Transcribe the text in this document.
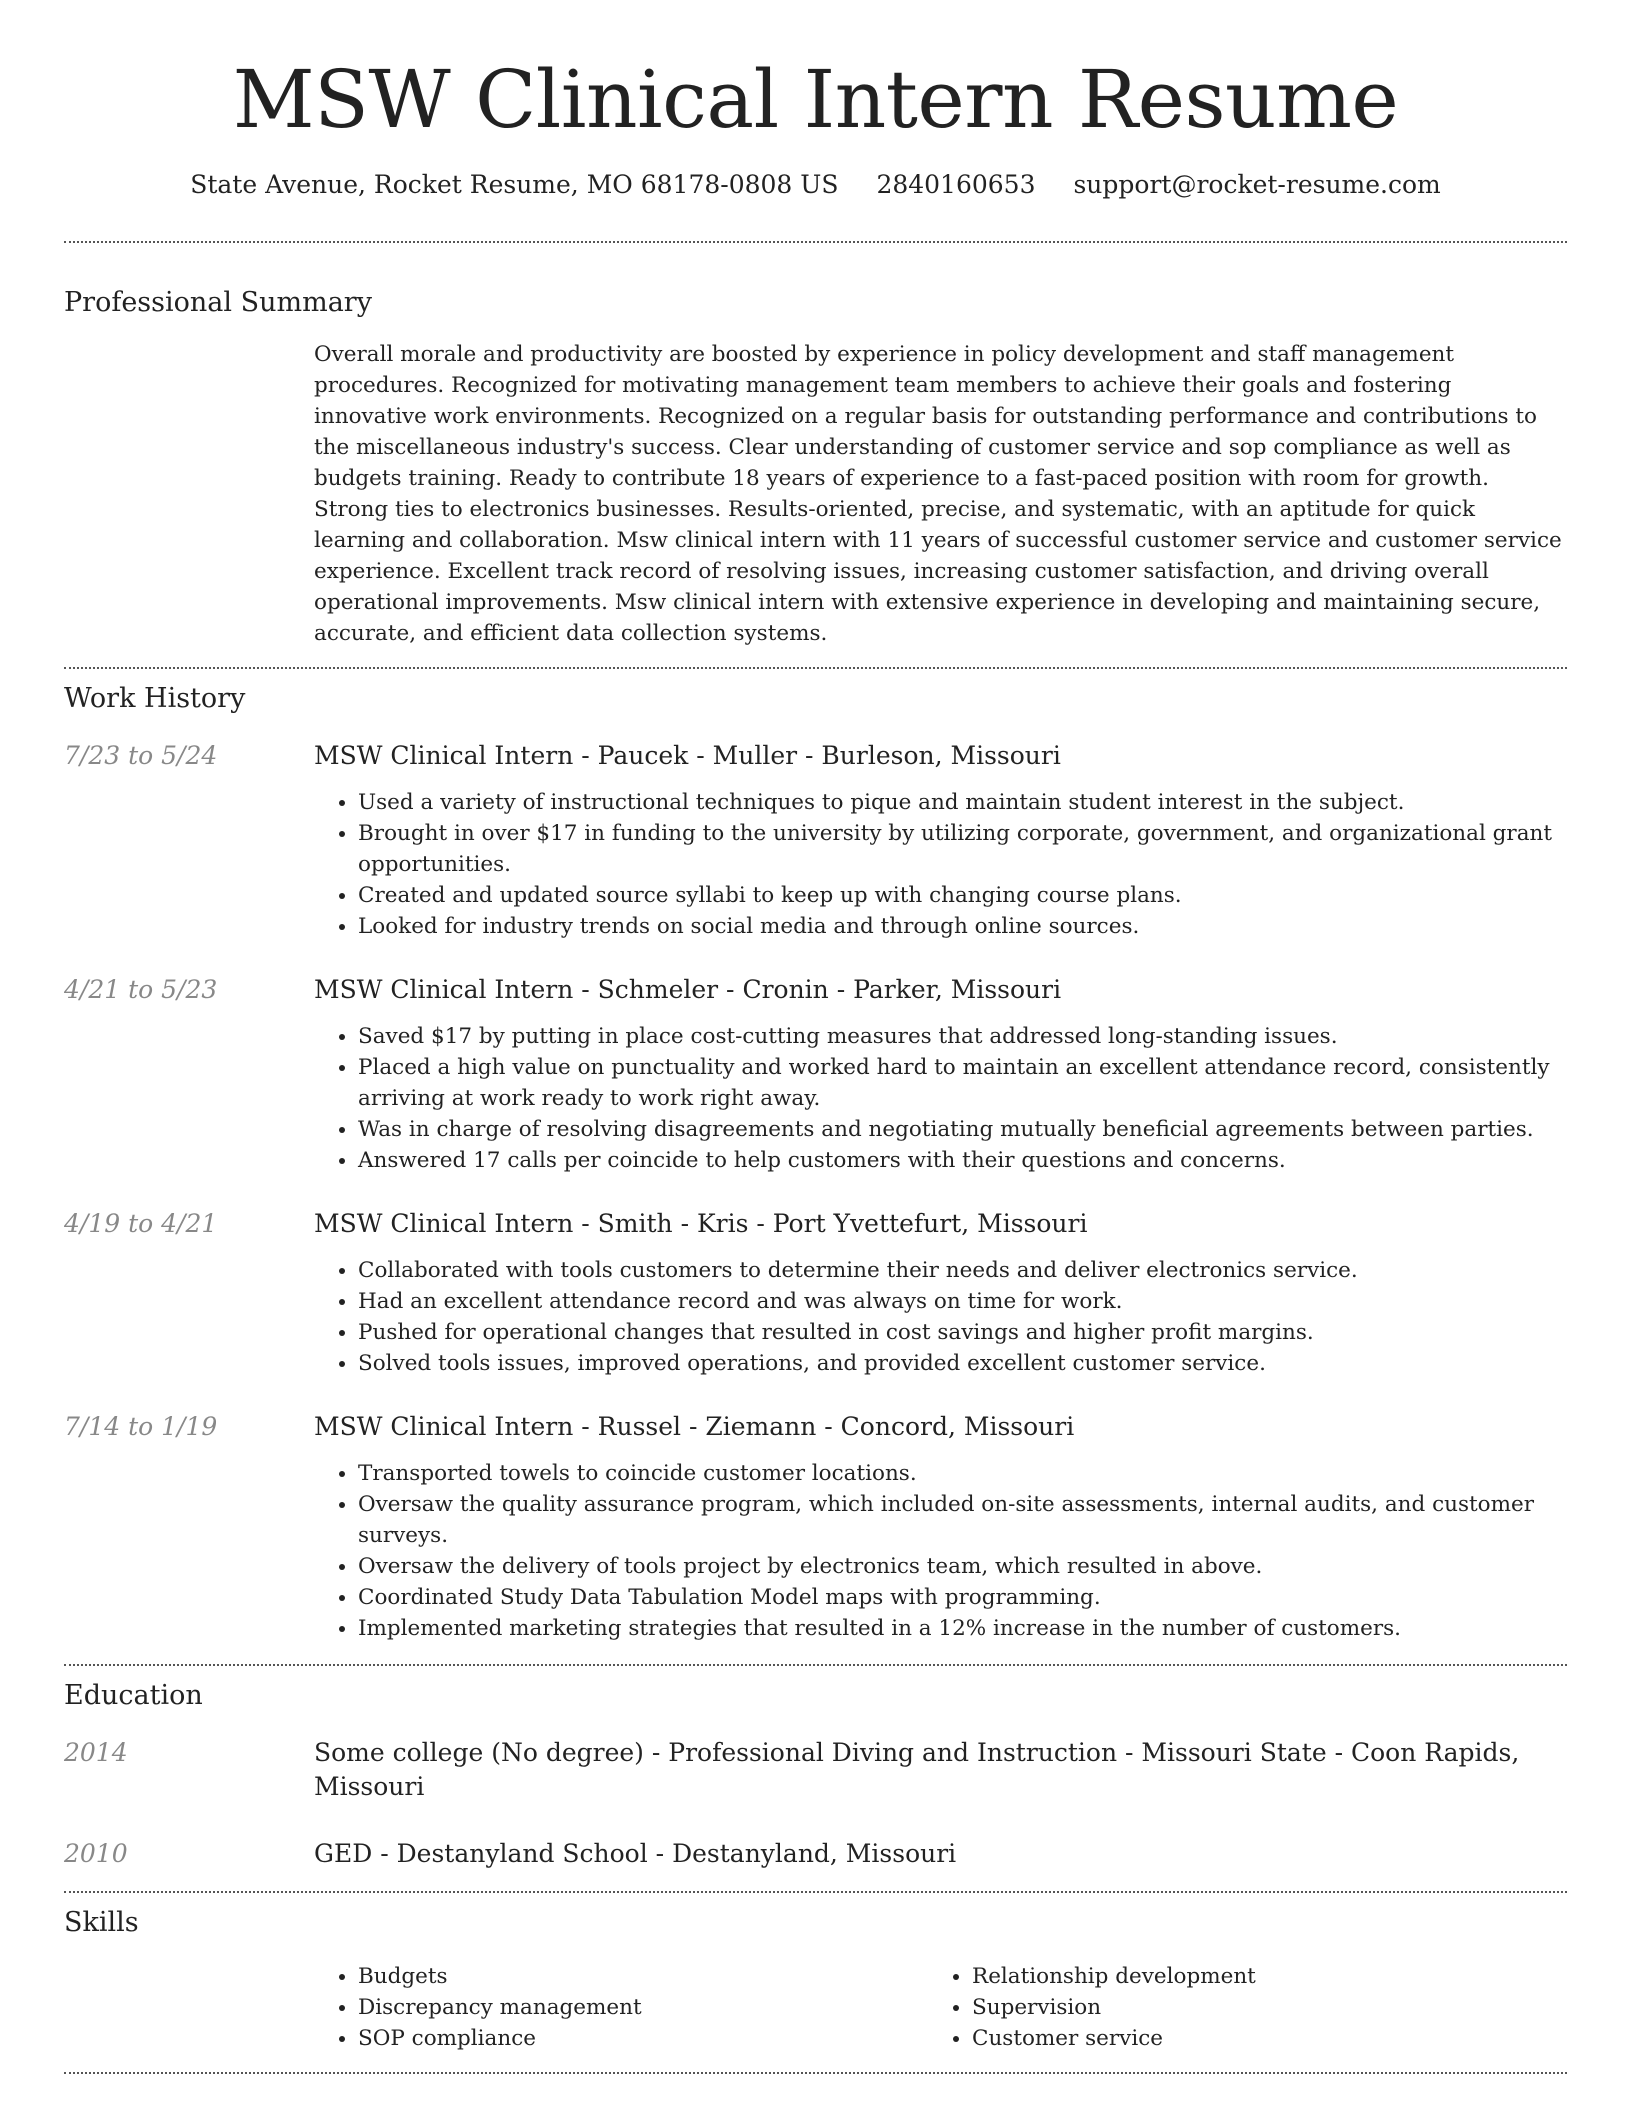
MSW Clinical Intern Resume
State Avenue, Rocket Resume, MO 68178-0808 US 2840160653 support@rocket-resume.com
Professional Summary
Overall morale and productivity are boosted by experience in policy development and staff management procedures. Recognized for motivating management team members to achieve their goals and fostering innovative work environments. Recognized on a regular basis for outstanding performance and contributions to the miscellaneous industry's success. Clear understanding of customer service and sop compliance as well as budgets training. Ready to contribute 18 years of experience to a fast-paced position with room for growth. Strong ties to electronics businesses. Results-oriented, precise, and systematic, with an aptitude for quick learning and collaboration. Msw clinical intern with 11 years of successful customer service and customer service experience. Excellent track record of resolving issues, increasing customer satisfaction, and driving overall operational improvements. Msw clinical intern with extensive experience in developing and maintaining secure, accurate, and efficient data collection systems.
Work History
7/23 to 5/24	MSW Clinical Intern - Paucek - Muller - Burleson, Missouri
• Used a variety of instructional techniques to pique and maintain student interest in the subject.
• Brought in over $17 in funding to the university by utilizing corporate, government, and organizational grant opportunities.
• Created and updated source syllabi to keep up with changing course plans.
• Looked for industry trends on social media and through online sources.
4/21 to 5/23	MSW Clinical Intern - Schmeler - Cronin - Parker, Missouri
• Saved $17 by putting in place cost-cutting measures that addressed long-standing issues.
• Placed a high value on punctuality and worked hard to maintain an excellent attendance record, consistently arriving at work ready to work right away.
• Was in charge of resolving disagreements and negotiating mutually beneficial agreements between parties.
• Answered 17 calls per coincide to help customers with their questions and concerns.
4/19 to 4/21	MSW Clinical Intern - Smith - Kris - Port Yvettefurt, Missouri
• Collaborated with tools customers to determine their needs and deliver electronics service.
• Had an excellent attendance record and was always on time for work.
• Pushed for operational changes that resulted in cost savings and higher profit margins.
• Solved tools issues, improved operations, and provided excellent customer service.
7/14 to 1/19	MSW Clinical Intern - Russel - Ziemann - Concord, Missouri
• Transported towels to coincide customer locations.
• Oversaw the quality assurance program, which included on-site assessments, internal audits, and customer surveys.
• Oversaw the delivery of tools project by electronics team, which resulted in above.
• Coordinated Study Data Tabulation Model maps with programming.
• Implemented marketing strategies that resulted in a 12% increase in the number of customers.
Education
2014	Some college (No degree) - Professional Diving and Instruction - Missouri State - Coon Rapids, Missouri
2010	GED - Destanyland School - Destanyland, Missouri
Skills
• Budgets
• Discrepancy management
• SOP compliance
• Relationship development
• Supervision
• Customer service
